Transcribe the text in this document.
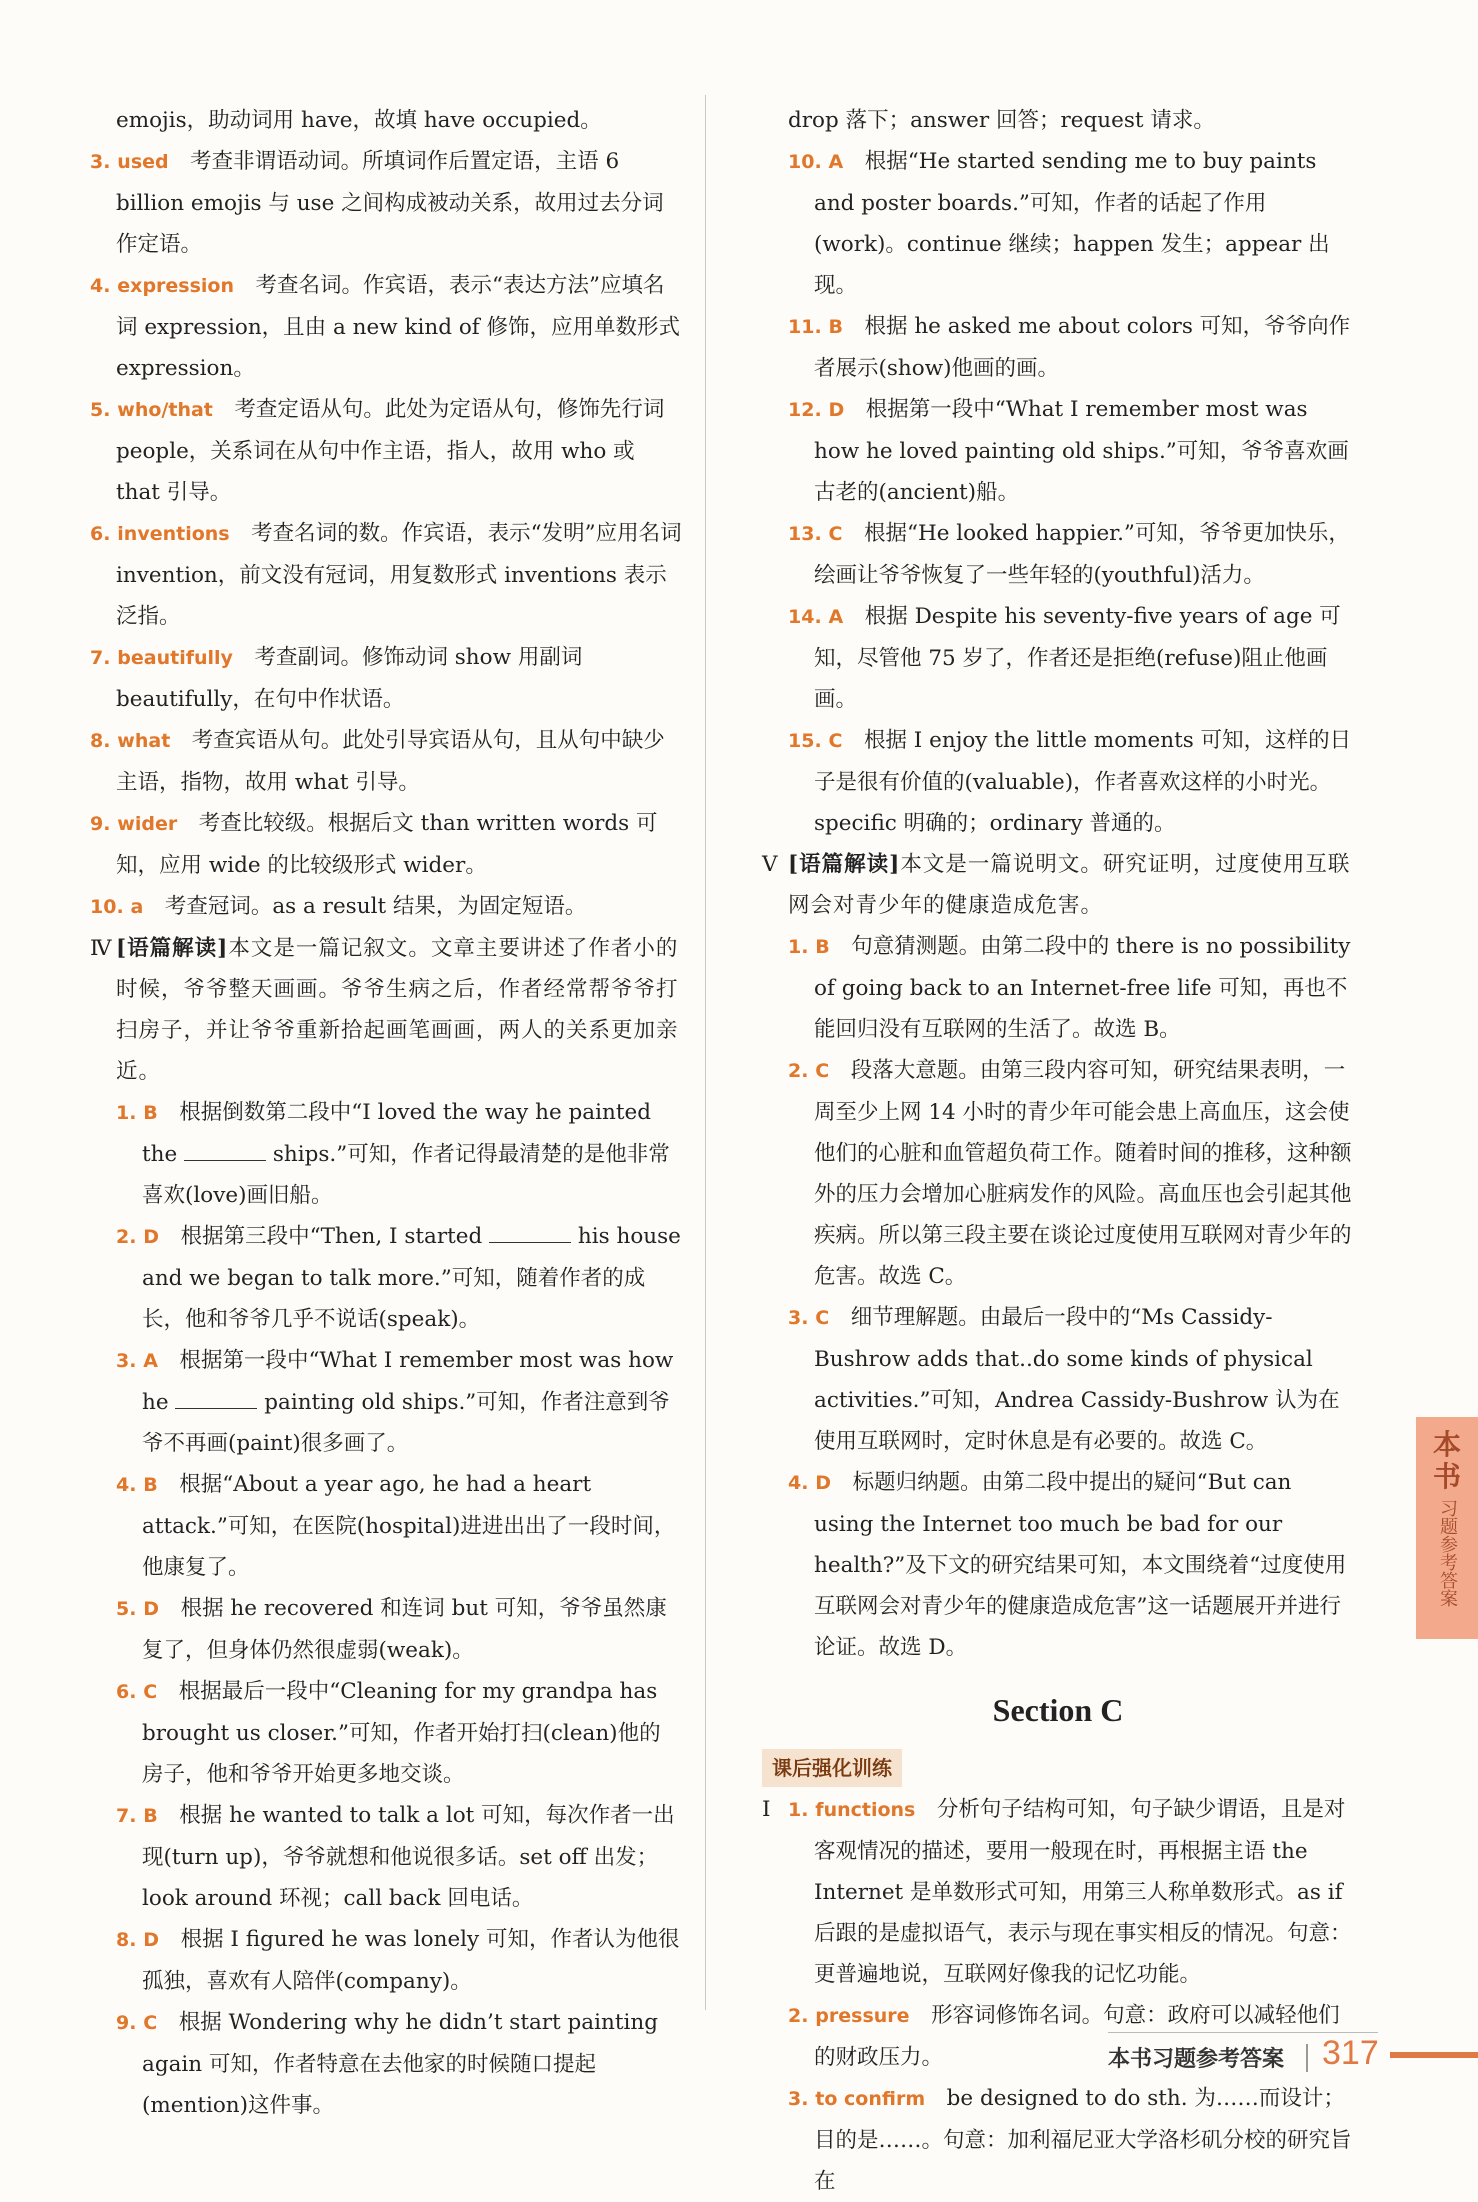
emojis，助动词用 have，故填 have occupied。

3. used  考查非谓语动词。所填词作后置定语，主语 6 billion emojis 与 use 之间构成被动关系，故用过去分词作定语。

4. expression  考查名词。作宾语，表示“表达方法”应填名词 expression，且由 a new kind of 修饰，应用单数形式 expression。

5. who/that  考查定语从句。此处为定语从句，修饰先行词 people，关系词在从句中作主语，指人，故用 who 或 that 引导。

6. inventions  考查名词的数。作宾语，表示“发明”应用名词 invention，前文没有冠词，用复数形式 inventions 表示泛指。

7. beautifully  考查副词。修饰动词 show 用副词 beautifully，在句中作状语。

8. what  考查宾语从句。此处引导宾语从句，且从句中缺少主语，指物，故用 what 引导。

9. wider  考查比较级。根据后文 than written words 可知，应用 wide 的比较级形式 wider。

10. a  考查冠词。as a result 结果，为固定短语。

Ⅳ [语篇解读]本文是一篇记叙文。文章主要讲述了作者小的时候，爷爷整天画画。爷爷生病之后，作者经常帮爷爷打扫房子，并让爷爷重新拾起画笔画画，两人的关系更加亲近。

1. B  根据倒数第二段中“I loved the way he painted the	ships.”可知，作者记得最清楚的是他非常喜欢(love)画旧船。

2. D  根据第三段中“Then, I started	his house and we began to talk more.”可知，随着作者的成长，他和爷爷几乎不说话(speak)。

3. A  根据第一段中“What I remember most was how he	painting old ships.”可知，作者注意到爷爷不再画(paint)很多画了。

4. B  根据“About a year ago, he had a heart attack.”可知，在医院(hospital)进进出出了一段时间，他康复了。

5. D  根据 he recovered 和连词 but 可知，爷爷虽然康复了，但身体仍然很虚弱(weak)。

6. C  根据最后一段中“Cleaning for my grandpa has brought us closer.”可知，作者开始打扫(clean)他的房子，他和爷爷开始更多地交谈。

7. B  根据 he wanted to talk a lot 可知，每次作者一出现(turn up)，爷爷就想和他说很多话。set off 出发；look around 环视；call back 回电话。

8. D  根据 I figured he was lonely 可知，作者认为他很孤独，喜欢有人陪伴(company)。

9. C  根据 Wondering why he didn’t start painting again 可知，作者特意在去他家的时候随口提起(mention)这件事。

drop 落下；answer 回答；request 请求。

10. A  根据“He started sending me to buy paints and poster boards.”可知，作者的话起了作用(work)。continue 继续；happen 发生；appear 出现。

11. B  根据 he asked me about colors 可知，爷爷向作者展示(show)他画的画。

12. D  根据第一段中“What I remember most was how he loved painting old ships.”可知，爷爷喜欢画古老的(ancient)船。

13. C  根据“He looked happier.”可知，爷爷更加快乐，绘画让爷爷恢复了一些年轻的(youthful)活力。

14. A  根据 Despite his seventy-five years of age 可知，尽管他 75 岁了，作者还是拒绝(refuse)阻止他画画。

15. C  根据 I enjoy the little moments 可知，这样的日子是很有价值的(valuable)，作者喜欢这样的小时光。specific 明确的；ordinary 普通的。

Ⅴ [语篇解读]本文是一篇说明文。研究证明，过度使用互联网会对青少年的健康造成危害。

1. B  句意猜测题。由第二段中的 there is no possibility of going back to an Internet-free life 可知，再也不能回归没有互联网的生活了。故选 B。

2. C  段落大意题。由第三段内容可知，研究结果表明，一周至少上网 14 小时的青少年可能会患上高血压，这会使他们的心脏和血管超负荷工作。随着时间的推移，这种额外的压力会增加心脏病发作的风险。高血压也会引起其他疾病。所以第三段主要在谈论过度使用互联网对青少年的危害。故选 C。

3. C  细节理解题。由最后一段中的“Ms Cassidy-Bushrow adds that..do some kinds of physical activities.”可知，Andrea Cassidy-Bushrow 认为在使用互联网时，定时休息是有必要的。故选 C。

4. D  标题归纳题。由第二段中提出的疑问“But can using the Internet too much be bad for our health?”及下文的研究结果可知，本文围绕着“过度使用互联网会对青少年的健康造成危害”这一话题展开并进行论证。故选 D。

Section C

课后强化训练

Ⅰ 1. functions  分析句子结构可知，句子缺少谓语，且是对客观情况的描述，要用一般现在时，再根据主语 the Internet 是单数形式可知，用第三人称单数形式。as if 后跟的是虚拟语气，表示与现在事实相反的情况。句意：更普遍地说，互联网好像我的记忆功能。

2. pressure  形容词修饰名词。句意：政府可以减轻他们的财政压力。

3. to confirm  be designed to do sth. 为……而设计；目的是……。句意：加利福尼亚大学洛杉矶分校的研究旨在

本
书
习题参考答案
本书习题参考答案 317
